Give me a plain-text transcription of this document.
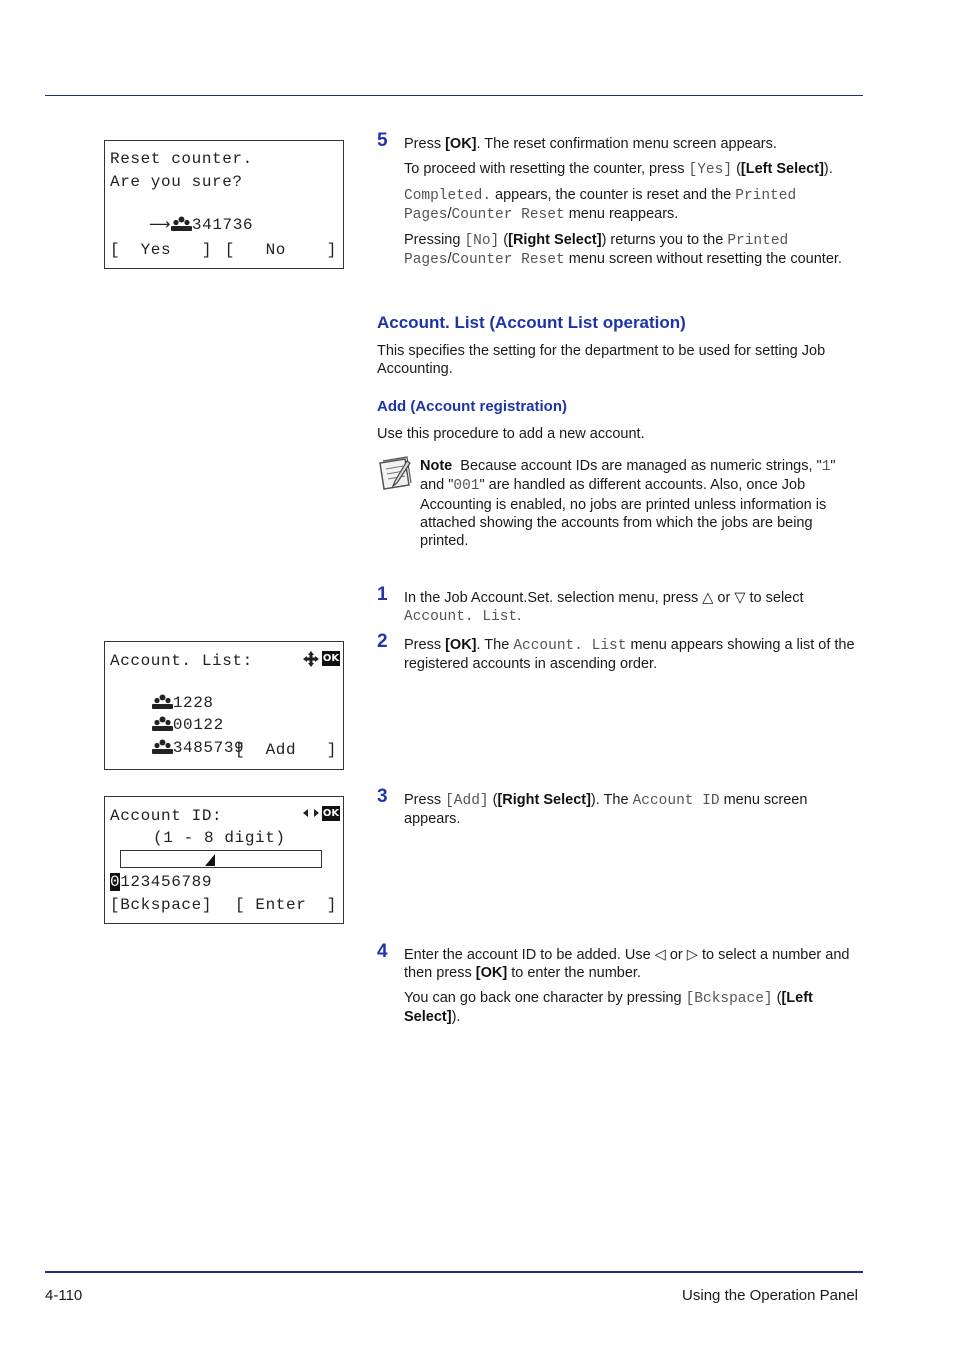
Reset counter.
Are you sure?

⟶ 341736

[  Yes   ] [   No    ]
Account. List:	OK

1228

00122

3485739

[  Add   ]
Account ID:	OK
(1 - 8 digit)
0123456789
[Bckspace] [ Enter  ]
5 Press [OK]. The reset confirmation menu screen appears.

To proceed with resetting the counter, press [Yes] ([Left Select]).

Completed. appears, the counter is reset and the Printed Pages/Counter Reset menu reappears.

Pressing [No] ([Right Select]) returns you to the Printed Pages/Counter Reset menu screen without resetting the counter.

Account. List (Account List operation)
This specifies the setting for the department to be used for setting Job Accounting.
Add (Account registration)
Use this procedure to add a new account.
Note Because account IDs are managed as numeric strings, "1" and "001" are handled as different accounts. Also, once Job Accounting is enabled, no jobs are printed unless information is attached showing the accounts from which the jobs are being printed.
1 In the Job Account.Set. selection menu, press △ or ▽ to select Account. List.

2 Press [OK]. The Account. List menu appears showing a list of the registered accounts in ascending order.

3 Press [Add] ([Right Select]). The Account ID menu screen appears.

4 Enter the account ID to be added. Use ◁ or ▷ to select a number and then press [OK] to enter the number.

You can go back one character by pressing [Bckspace] ([Left Select]).

4-110	Using the Operation Panel
